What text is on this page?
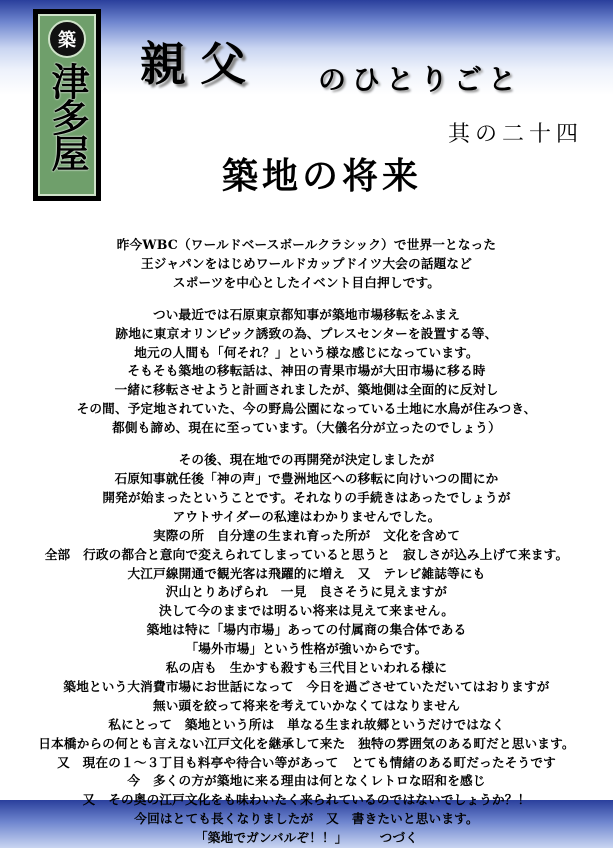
築
津多屋 親父 のひとりごと
其の二十四
築地の将来
昨今WBC（ワールドベースボールクラシック）で世界一となった
王ジャパンをはじめワールドカップドイツ大会の話題など
スポーツを中心としたイベント目白押しです。
つい最近では石原東京都知事が築地市場移転をふまえ
跡地に東京オリンピック誘致の為、プレスセンターを設置する等、
地元の人間も「何それ？」という様な感じになっています。
そもそも築地の移転話は、神田の青果市場が大田市場に移る時
一緒に移転させようと計画されましたが、築地側は全面的に反対し
その間、予定地されていた、今の野鳥公園になっている土地に水鳥が住みつき、
都側も諦め、現在に至っています。（大儀名分が立ったのでしょう）
その後、現在地での再開発が決定しましたが
石原知事就任後「神の声」で豊洲地区への移転に向けいつの間にか
開発が始まったということです。それなりの手続きはあったでしょうが
アウトサイダーの私達はわかりませんでした。
実際の所　自分達の生まれ育った所が　文化を含めて
全部　行政の都合と意向で変えられてしまっていると思うと　寂しさが込み上げて来ます。
大江戸線開通で観光客は飛躍的に増え　又　テレビ雑誌等にも
沢山とりあげられ　一見　良さそうに見えますが
決して今のままでは明るい将来は見えて来ません。
築地は特に「場内市場」あっての付属商の集合体である
「場外市場」という性格が強いからです。
私の店も　生かすも殺すも三代目といわれる様に
築地という大消費市場にお世話になって　今日を過ごさせていただいてはおりますが
無い頭を絞って将来を考えていかなくてはなりません
私にとって　築地という所は　単なる生まれ故郷というだけではなく
日本橋からの何とも言えない江戸文化を継承して来た　独特の雰囲気のある町だと思います。
又　現在の１～３丁目も料亭や待合い等があって　とても情緒のある町だったそうです
今　多くの方が築地に来る理由は何となくレトロな昭和を感じ
又　その奥の江戸文化をも味わいたく来られているのではないでしょうか？！
今回はとても長くなりましたが　又　書きたいと思います。
「築地でガンバルぞ！！」　　　つづく
